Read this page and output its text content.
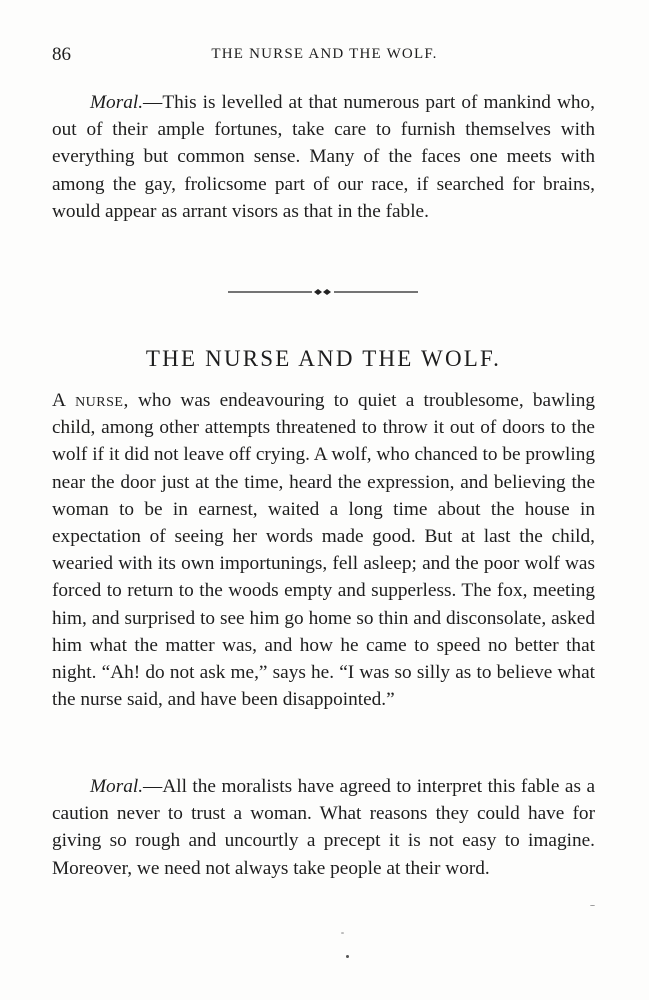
86	THE NURSE AND THE WOLF.

Moral.—This is levelled at that numerous part of mankind who, out of their ample fortunes, take care to furnish themselves with everything but common sense. Many of the faces one meets with among the gay, frolicsome part of our race, if searched for brains, would appear as arrant visors as that in the fable.

THE NURSE AND THE WOLF.

A nurse, who was endeavouring to quiet a troublesome, bawling child, among other attempts threatened to throw it out of doors to the wolf if it did not leave off crying. A wolf, who chanced to be prowling near the door just at the time, heard the expression, and believing the woman to be in earnest, waited a long time about the house in expectation of seeing her words made good. But at last the child, wearied with its own importunings, fell asleep; and the poor wolf was forced to return to the woods empty and supperless. The fox, meeting him, and surprised to see him go home so thin and disconsolate, asked him what the matter was, and how he came to speed no better that night. “Ah! do not ask me,” says he. “I was so silly as to believe what the nurse said, and have been disappointed.”

Moral.—All the moralists have agreed to interpret this fable as a caution never to trust a woman. What reasons they could have for giving so rough and uncourtly a precept it is not easy to imagine. Moreover, we need not always take people at their word.
